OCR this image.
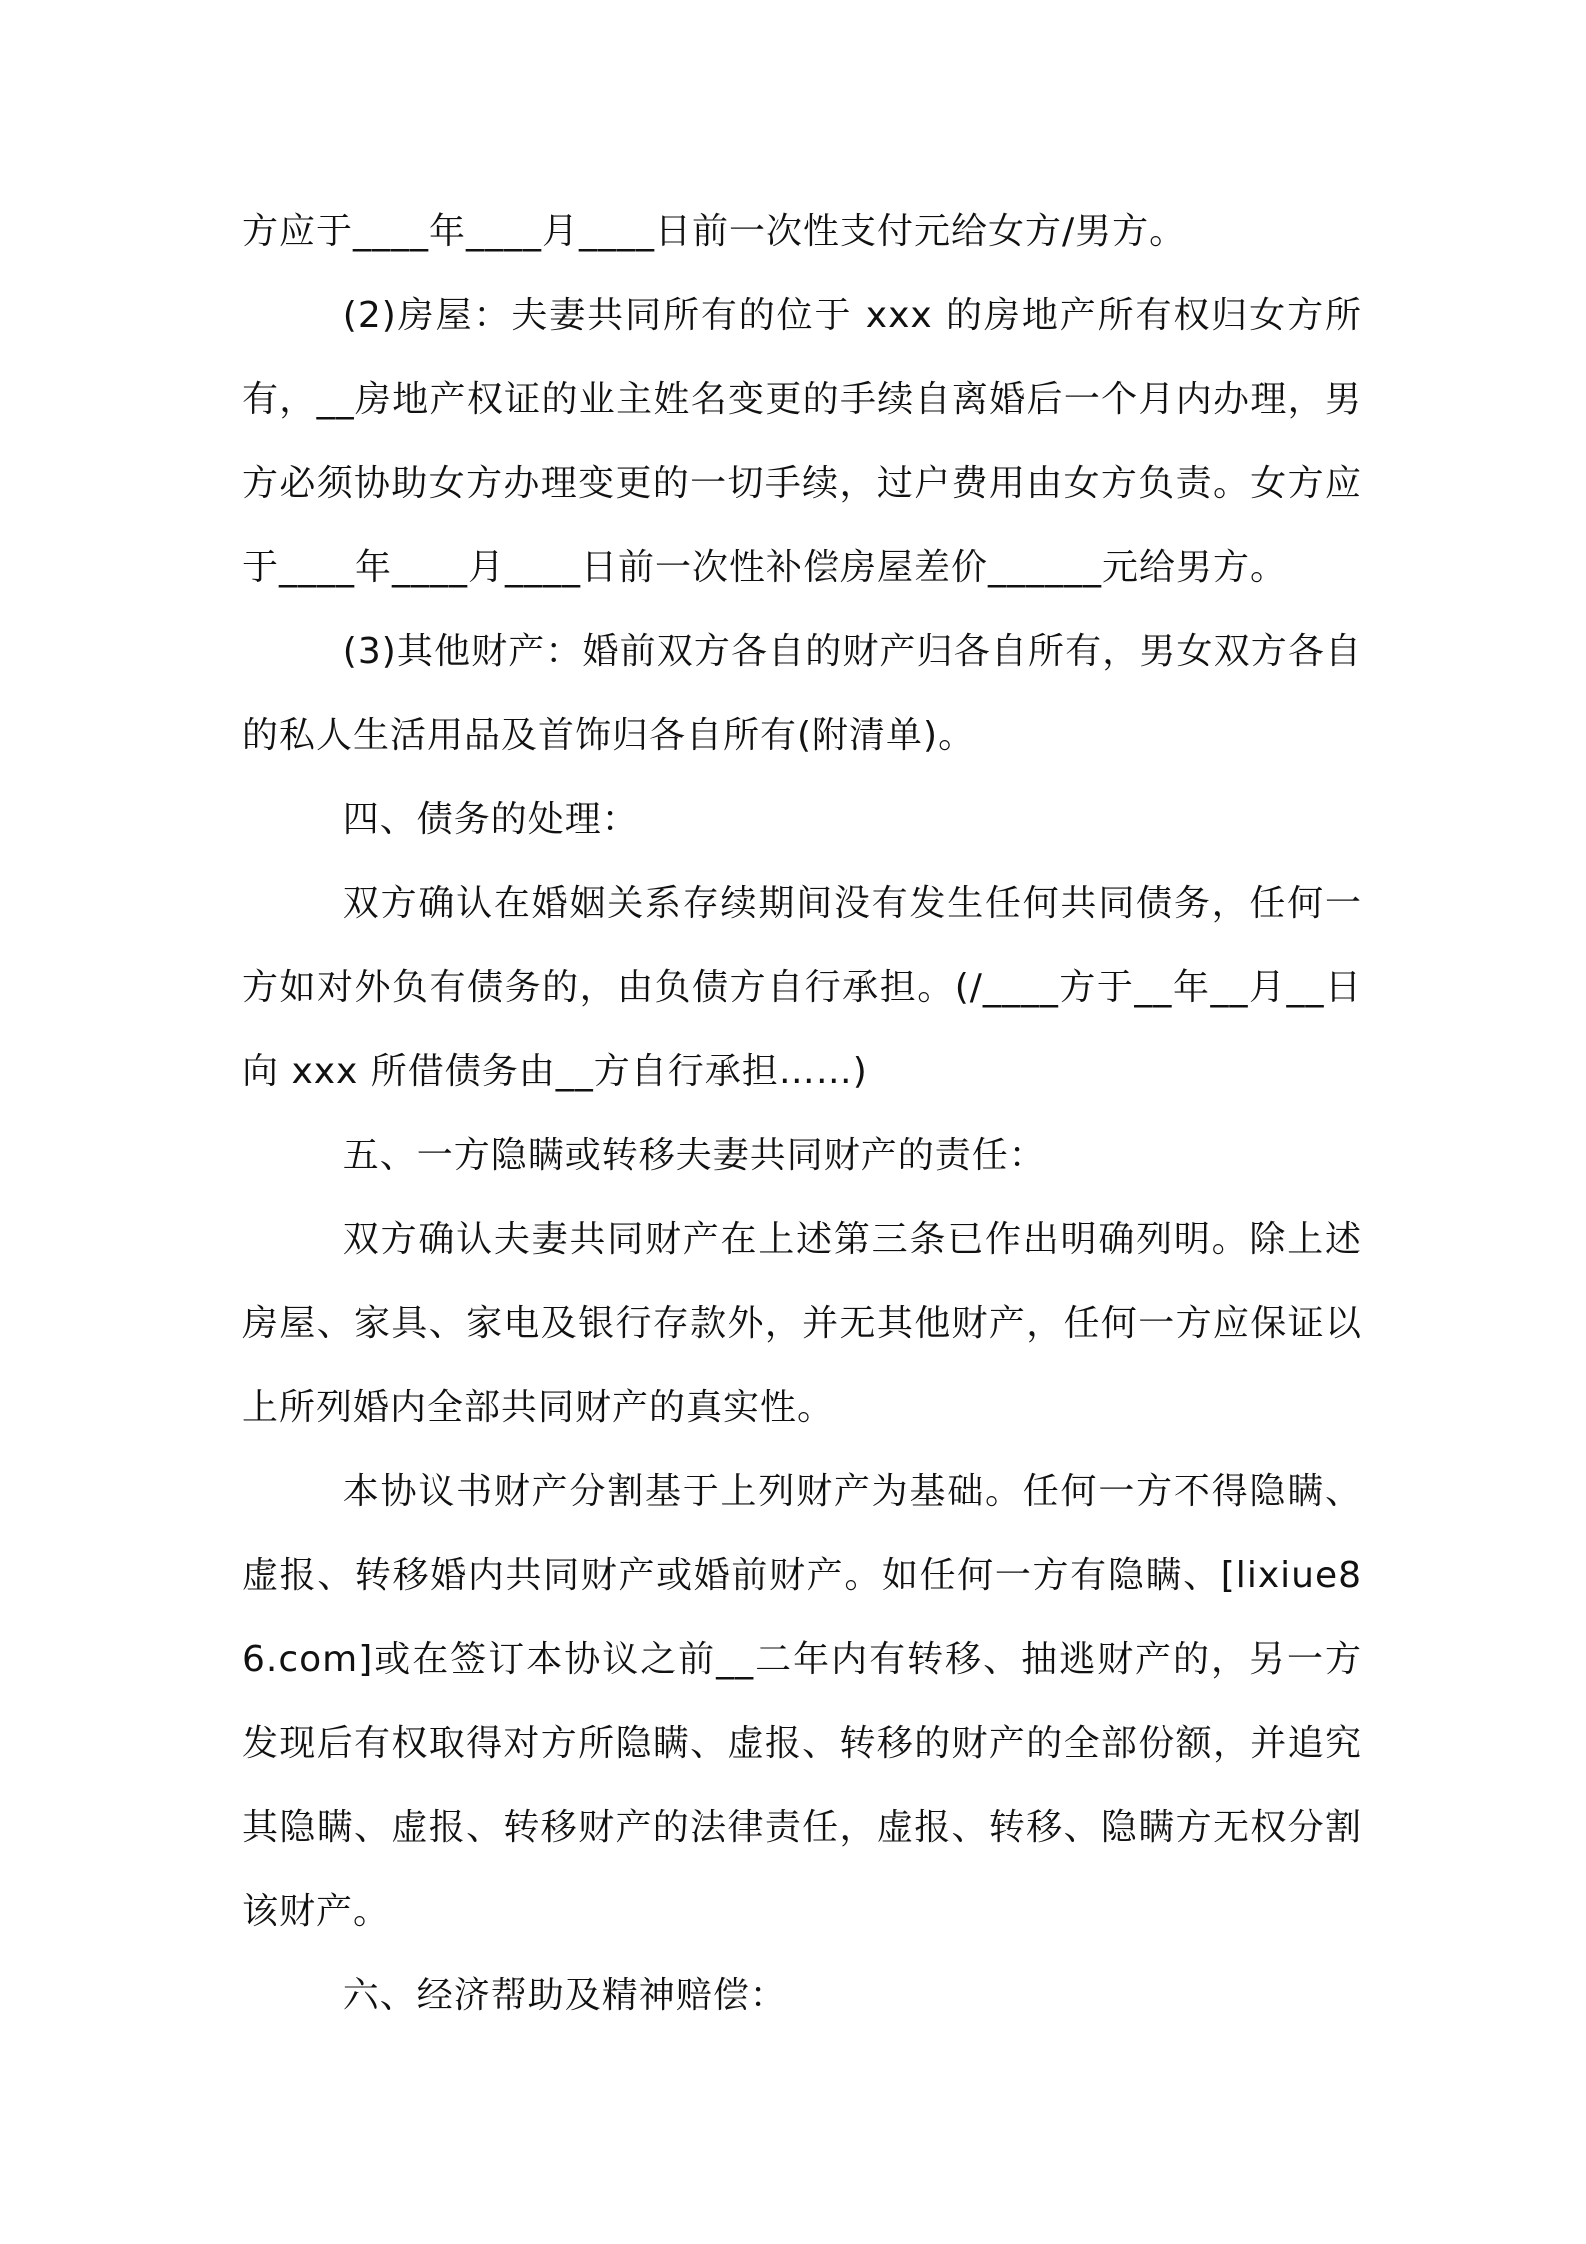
方应于____年____月____日前一次性支付元给女方/男方。

(2)房屋：夫妻共同所有的位于 xxx 的房地产所有权归女方所有，__房地产权证的业主姓名变更的手续自离婚后一个月内办理，男方必须协助女方办理变更的一切手续，过户费用由女方负责。女方应于____年____月____日前一次性补偿房屋差价______元给男方。

(3)其他财产：婚前双方各自的财产归各自所有，男女双方各自的私人生活用品及首饰归各自所有(附清单)。

四、债务的处理：

双方确认在婚姻关系存续期间没有发生任何共同债务，任何一方如对外负有债务的，由负债方自行承担。(/____方于__年__月__日向 xxx 所借债务由__方自行承担……)

五、一方隐瞒或转移夫妻共同财产的责任：

双方确认夫妻共同财产在上述第三条已作出明确列明。除上述房屋、家具、家电及银行存款外，并无其他财产，任何一方应保证以上所列婚内全部共同财产的真实性。

本协议书财产分割基于上列财产为基础。任何一方不得隐瞒、虚报、转移婚内共同财产或婚前财产。如任何一方有隐瞒、[lixiue86.com]或在签订本协议之前__二年内有转移、抽逃财产的，另一方发现后有权取得对方所隐瞒、虚报、转移的财产的全部份额，并追究其隐瞒、虚报、转移财产的法律责任，虚报、转移、隐瞒方无权分割该财产。

六、经济帮助及精神赔偿：
